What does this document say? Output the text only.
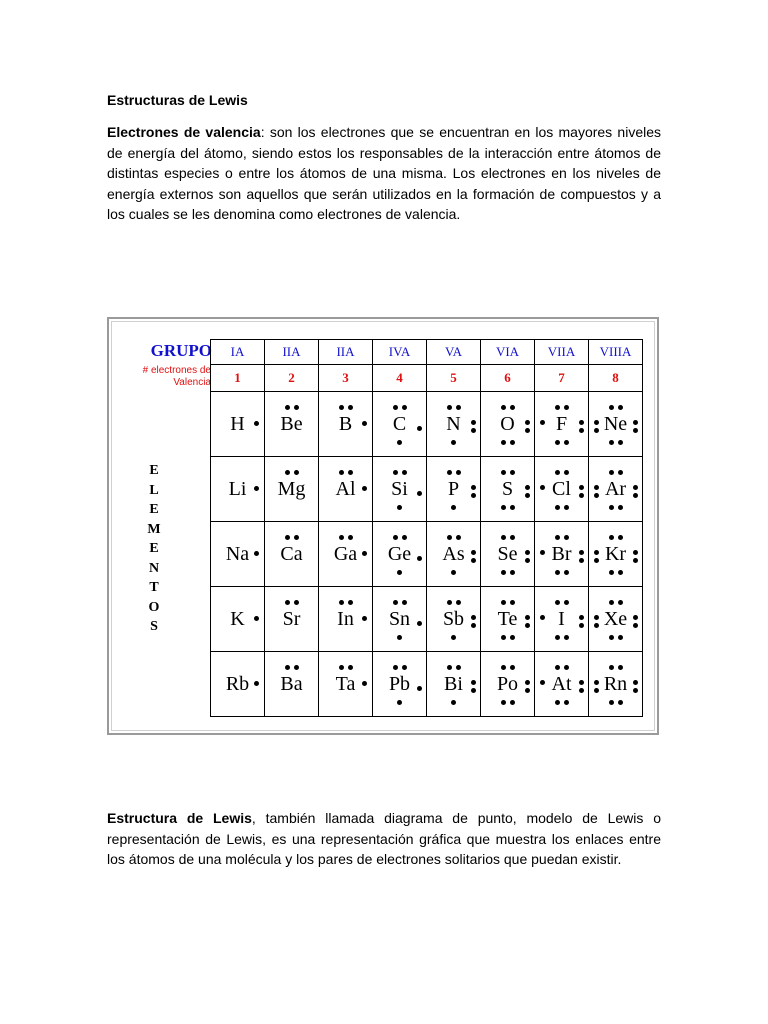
Estructuras de Lewis

Electrones de valencia: son los electrones que se encuentran en los mayores niveles de energía del átomo, siendo estos los responsables de la interacción entre átomos de distintas especies o entre los átomos de una misma. Los electrones en los niveles de energía externos son aquellos que serán utilizados en la formación de compuestos y a los cuales se les denomina como electrones de valencia.

GRUPO
# electrones de
Valencia
E
L
E
M
E
N
T
O
S
IA	IIA	IIA	IVA	VA	VIA	VIIA	VIIIA
1	2	3	4	5	6	7	8

H	Be	B	C	N	O	F	Ne

Li	Mg	Al	Si	P	S	Cl	Ar

Na	Ca	Ga	Ge	As	Se	Br	Kr

K	Sr	In	Sn	Sb	Te	I	Xe

Rb	Ba	Ta	Pb	Bi	Po	At	Rn

Estructura de Lewis, también llamada diagrama de punto, modelo de Lewis o representación de Lewis, es una representación gráfica que muestra los enlaces entre los átomos de una molécula y los pares de electrones solitarios que puedan existir.
